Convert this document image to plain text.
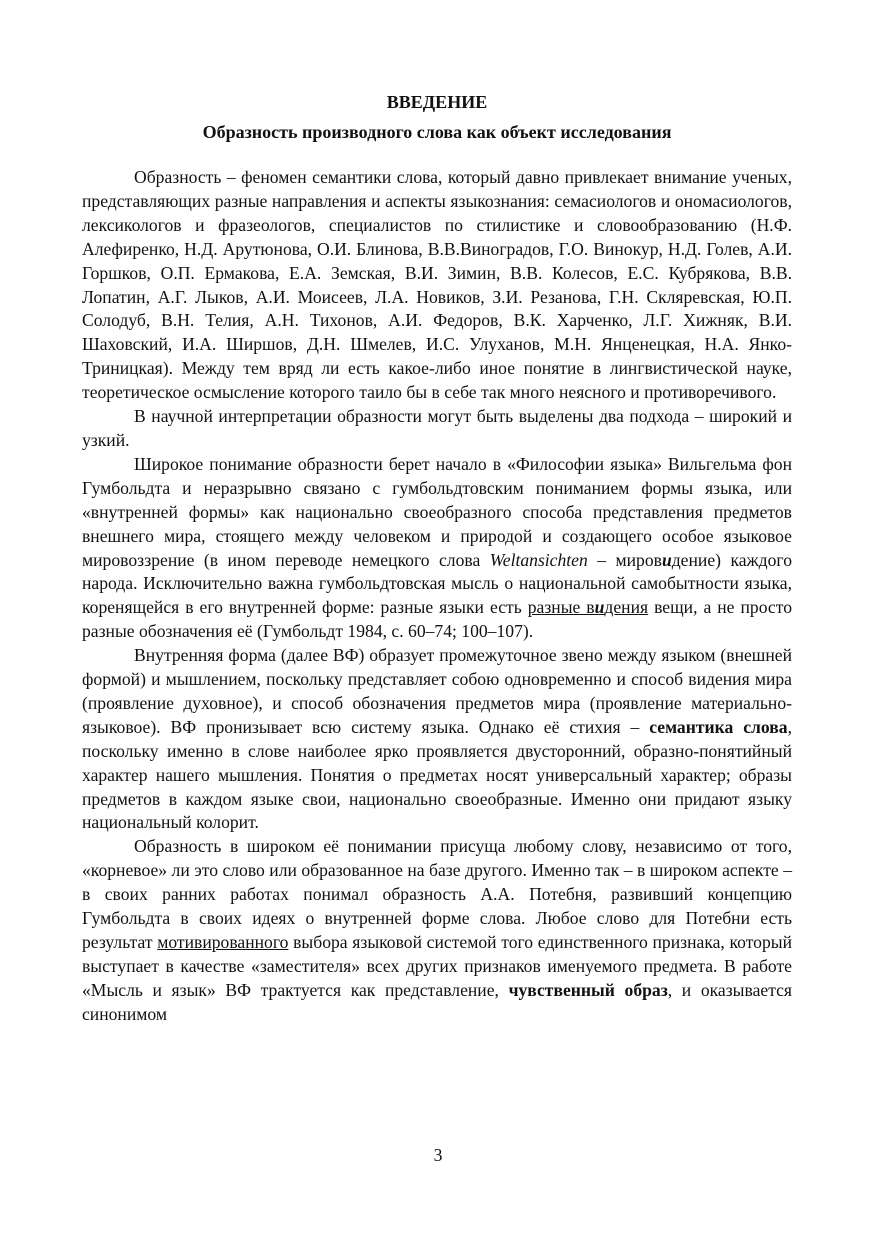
ВВЕДЕНИЕ
Образность производного слова как объект исследования

Образность – феномен семантики слова, который давно привлекает внимание ученых, представляющих разные направления и аспекты языкознания: семасиологов и ономасиологов, лексикологов и фразеологов, специалистов по стилистике и словообразованию (Н.Ф. Алефиренко, Н.Д. Арутюнова, О.И. Блинова, В.В.Виноградов, Г.О. Винокур, Н.Д. Голев, А.И. Горшков, О.П. Ермакова, Е.А. Земская, В.И. Зимин, В.В. Колесов, Е.С. Кубрякова, В.В. Лопатин, А.Г. Лыков, А.И. Моисеев, Л.А. Новиков, З.И. Резанова, Г.Н. Скляревская, Ю.П. Солодуб, В.Н. Телия, А.Н. Тихонов, А.И. Федоров, В.К. Харченко, Л.Г. Хижняк, В.И. Шаховский, И.А. Ширшов, Д.Н. Шмелев, И.С. Улуханов, М.Н. Янценецкая, Н.А. Янко-Триницкая). Между тем вряд ли есть какое-либо иное понятие в лингвистической науке, теоретическое осмысление которого таило бы в себе так много неясного и противоречивого.

В научной интерпретации образности могут быть выделены два подхода – широкий и узкий.

Широкое понимание образности берет начало в «Философии языка» Вильгельма фон Гумбольдта и неразрывно связано с гумбольдтовским пониманием формы языка, или «внутренней формы» как национально своеобразного способа представления предметов внешнего мира, стоящего между человеком и природой и создающего особое языковое мировоззрение (в ином переводе немецкого слова Weltansichten – мировидение) каждого народа. Исключительно важна гумбольдтовская мысль о национальной самобытности языка, коренящейся в его внутренней форме: разные языки есть разные видения вещи, а не просто разные обозначения её (Гумбольдт 1984, с. 60–74; 100–107).

Внутренняя форма (далее ВФ) образует промежуточное звено между языком (внешней формой) и мышлением, поскольку представляет собою одновременно и способ видения мира (проявление духовное), и способ обозначения предметов мира (проявление материально-языковое). ВФ пронизывает всю систему языка. Однако её стихия – семантика слова, поскольку именно в слове наиболее ярко проявляется двусторонний, образно-понятийный характер нашего мышления. Понятия о предметах носят универсальный характер; образы предметов в каждом языке свои, национально своеобразные. Именно они придают языку национальный колорит.

Образность в широком её понимании присуща любому слову, независимо от того, «корневое» ли это слово или образованное на базе другого. Именно так – в широком аспекте – в своих ранних работах понимал образность А.А. Потебня, развивший концепцию Гумбольдта в своих идеях о внутренней форме слова. Любое слово для Потебни есть результат мотивированного выбора языковой системой того единственного признака, который выступает в качестве «заместителя» всех других признаков именуемого предмета. В работе «Мысль и язык» ВФ трактуется как представление, чувственный образ, и оказывается синонимом

3
